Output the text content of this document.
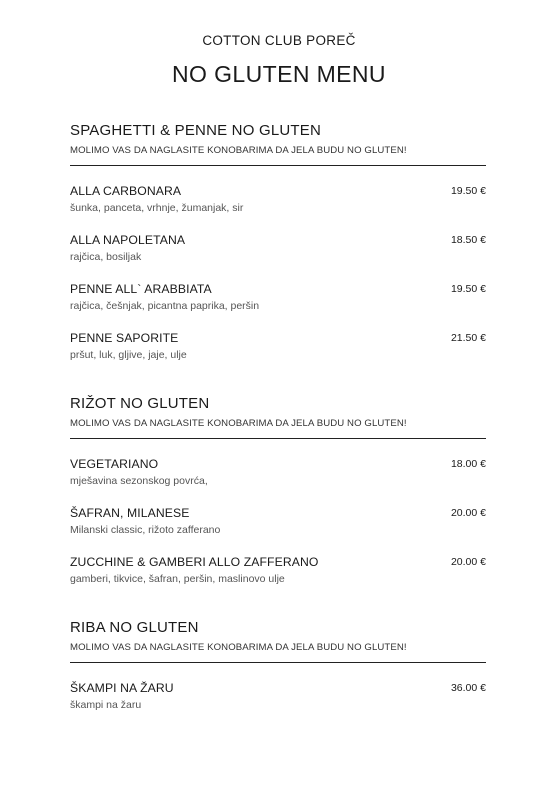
COTTON CLUB POREČ
NO GLUTEN MENU
SPAGHETTI & PENNE NO GLUTEN
MOLIMO VAS DA NAGLASITE KONOBARIMA DA JELA BUDU NO GLUTEN!
ALLA CARBONARA	19.50 €
šunka, panceta, vrhnje, žumanjak, sir
ALLA NAPOLETANA	18.50 €
rajčica, bosiljak
PENNE ALL` ARABBIATA	19.50 €
rajčica, češnjak, picantna paprika, peršin
PENNE SAPORITE	21.50 €
pršut, luk, gljive, jaje, ulje
RIŽOT NO GLUTEN
MOLIMO VAS DA NAGLASITE KONOBARIMA DA JELA BUDU NO GLUTEN!
VEGETARIANO	18.00 €
mješavina sezonskog povrća,
ŠAFRAN, MILANESE	20.00 €
Milanski classic, rižoto zafferano
ZUCCHINE & GAMBERI ALLO ZAFFERANO	20.00 €
gamberi, tikvice, šafran, peršin, maslinovo ulje
RIBA NO GLUTEN
MOLIMO VAS DA NAGLASITE KONOBARIMA DA JELA BUDU NO GLUTEN!
ŠKAMPI NA ŽARU	36.00 €
škampi na žaru
